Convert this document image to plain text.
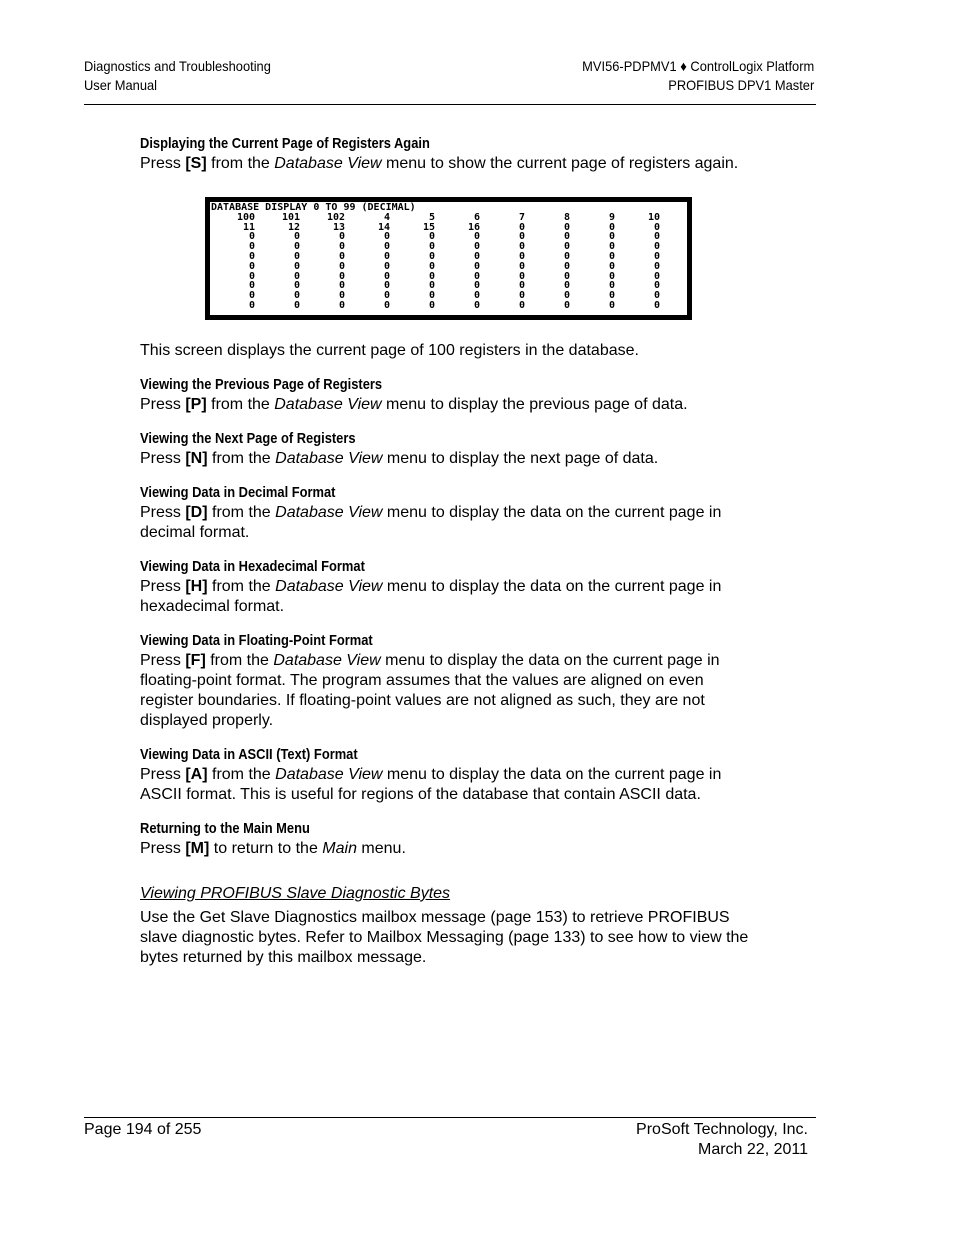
Diagnostics and Troubleshooting
User Manual
MVI56-PDPMV1 ♦ ControlLogix Platform
PROFIBUS DPV1 Master
Displaying the Current Page of Registers Again

Press [S] from the Database View menu to show the current page of registers again.

DATABASE DISPLAY 0 TO 99 (DECIMAL)
100	101	102	4	5	6	7	8	9	10
11	12	13	14	15	16	0	0	0	0
0	0	0	0	0	0	0	0	0	0
0	0	0	0	0	0	0	0	0	0
0	0	0	0	0	0	0	0	0	0
0	0	0	0	0	0	0	0	0	0
0	0	0	0	0	0	0	0	0	0
0	0	0	0	0	0	0	0	0	0
0	0	0	0	0	0	0	0	0	0
0	0	0	0	0	0	0	0	0	0

This screen displays the current page of 100 registers in the database.

Viewing the Previous Page of Registers

Press [P] from the Database View menu to display the previous page of data.

Viewing the Next Page of Registers

Press [N] from the Database View menu to display the next page of data.

Viewing Data in Decimal Format

Press [D] from the Database View menu to display the data on the current page in decimal format.

Viewing Data in Hexadecimal Format

Press [H] from the Database View menu to display the data on the current page in hexadecimal format.

Viewing Data in Floating-Point Format

Press [F] from the Database View menu to display the data on the current page in floating-point format. The program assumes that the values are aligned on even register boundaries. If floating-point values are not aligned as such, they are not displayed properly.

Viewing Data in ASCII (Text) Format

Press [A] from the Database View menu to display the data on the current page in ASCII format. This is useful for regions of the database that contain ASCII data.

Returning to the Main Menu

Press [M] to return to the Main menu.

Viewing PROFIBUS Slave Diagnostic Bytes

Use the Get Slave Diagnostics mailbox message (page 153) to retrieve PROFIBUS slave diagnostic bytes. Refer to Mailbox Messaging (page 133) to see how to view the bytes returned by this mailbox message.

Page 194 of 255	ProSoft Technology, Inc.
March 22, 2011
